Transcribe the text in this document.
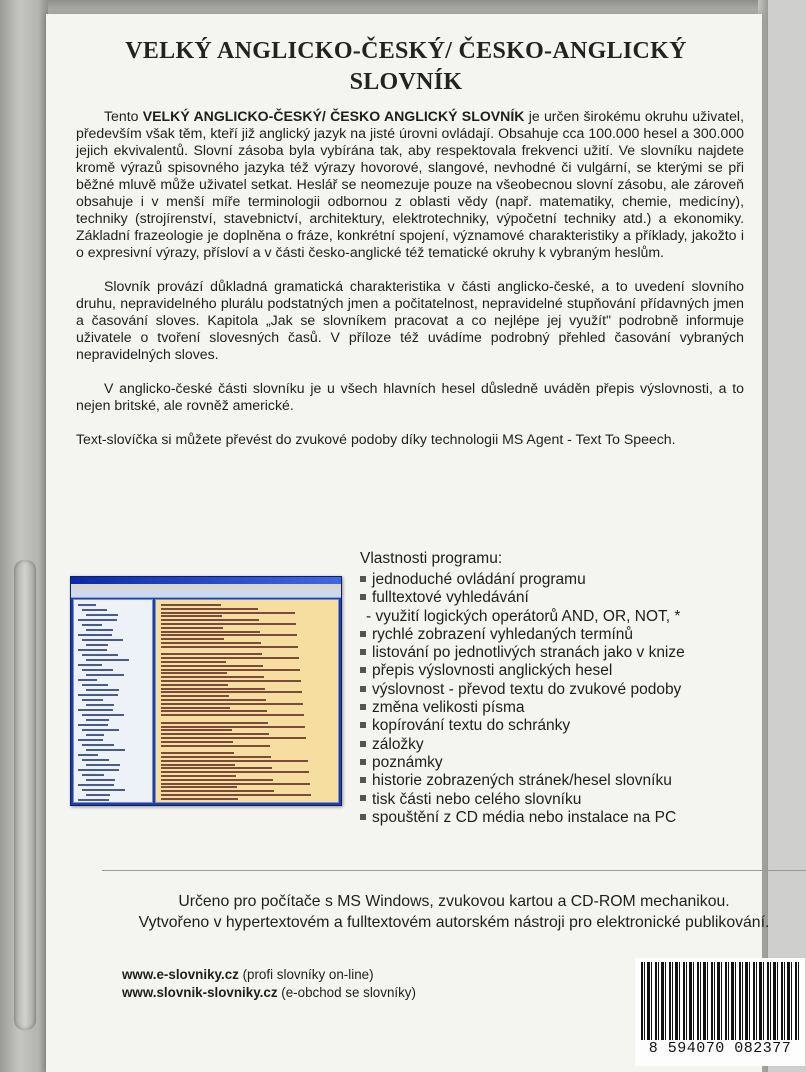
VELKÝ ANGLICKO-ČESKÝ/ ČESKO-ANGLICKÝ
SLOVNÍK

Tento VELKÝ ANGLICKO-ČESKÝ/ ČESKO ANGLICKÝ SLOVNÍK je určen širokému okruhu uživatel, především však těm, kteří již anglický jazyk na jisté úrovni ovládají. Obsahuje cca 100.000 hesel a 300.000 jejich ekvivalentů. Slovní zásoba byla vybírána tak, aby respektovala frekvenci užití. Ve slovníku najdete kromě výrazů spisovného jazyka též výrazy hovorové, slangové, nevhodné či vulgární, se kterými se při běžné mluvě může uživatel setkat. Heslář se neomezuje pouze na všeobecnou slovní zásobu, ale zároveň obsahuje i v menší míře terminologii odbornou z oblasti vědy (např. matematiky, chemie, medicíny), techniky (strojírenství, stavebnictví, architektury, elektrotechniky, výpočetní techniky atd.) a ekonomiky. Základní frazeologie je doplněna o fráze, konkrétní spojení, významové charakteristiky a příklady, jakožto i o expresivní výrazy, přísloví a v části česko-anglické též tematické okruhy k vybraným heslům.

Slovník provází důkladná gramatická charakteristika v části anglicko-české, a to uvedení slovního druhu, nepravidelného plurálu podstatných jmen a počitatelnost, nepravidelné stupňování přídavných jmen a časování sloves. Kapitola „Jak se slovníkem pracovat a co nejlépe jej využít" podrobně informuje uživatele o tvoření slovesných časů. V příloze též uvádíme podrobný přehled časování vybraných nepravidelných sloves.

V anglicko-české části slovníku je u všech hlavních hesel důsledně uváděn přepis výslovnosti, a to nejen britské, ale rovněž americké.

Text-slovíčka si můžete převést do zvukové podoby díky technologii MS Agent - Text To Speech.

Vlastnosti programu:
jednoduché ovládání programu
fulltextové vyhledávání
- využití logických operátorů AND, OR, NOT, *
rychlé zobrazení vyhledaných termínů
listování po jednotlivých stranách jako v knize
přepis výslovnosti anglických hesel
výslovnost - převod textu do zvukové podoby
změna velikosti písma
kopírování textu do schránky
záložky
poznámky
historie zobrazených stránek/hesel slovníku
tisk části nebo celého slovníku
spouštění z CD média nebo instalace na PC
Určeno pro počítače s MS Windows, zvukovou kartou a CD-ROM mechanikou.
Vytvořeno v hypertextovém a fulltextovém autorském nástroji pro elektronické publikování.
www.e-slovniky.cz (profi slovníky on-line)
www.slovnik-slovniky.cz (e-obchod se slovníky)
8 594070 082377
